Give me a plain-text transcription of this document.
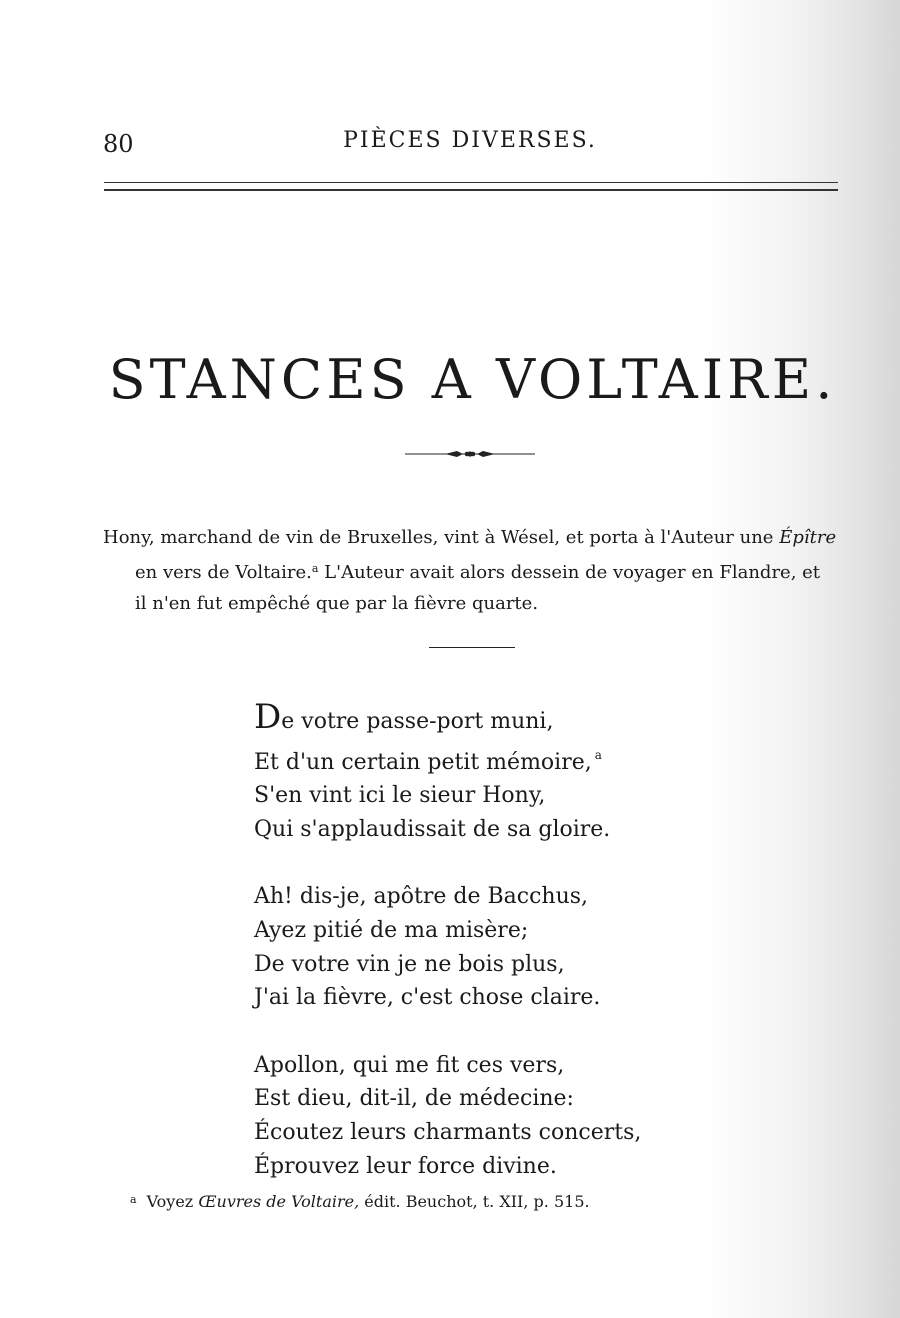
80	PIÈCES DIVERSES.
STANCES A VOLTAIRE.
Hony, marchand de vin de Bruxelles, vint à Wésel, et porta à l'Auteur une Épître
en vers de Voltaire.$^a$ L'Auteur avait alors dessein de voyager en Flandre, et
il n'en fut empêché que par la fièvre quarte.
De votre passe-port muni,
Et d'un certain petit mémoire, $^a$
S'en vint ici le sieur Hony,
Qui s'applaudissait de sa gloire.
Ah! dis-je, apôtre de Bacchus,
Ayez pitié de ma misère;
De votre vin je ne bois plus,
J'ai la fièvre, c'est chose claire.
Apollon, qui me fit ces vers,
Est dieu, dit-il, de médecine:
Écoutez leurs charmants concerts,
Éprouvez leur force divine.
$^a$ Voyez Œuvres de Voltaire, édit. Beuchot, t. XII, p. 515.
